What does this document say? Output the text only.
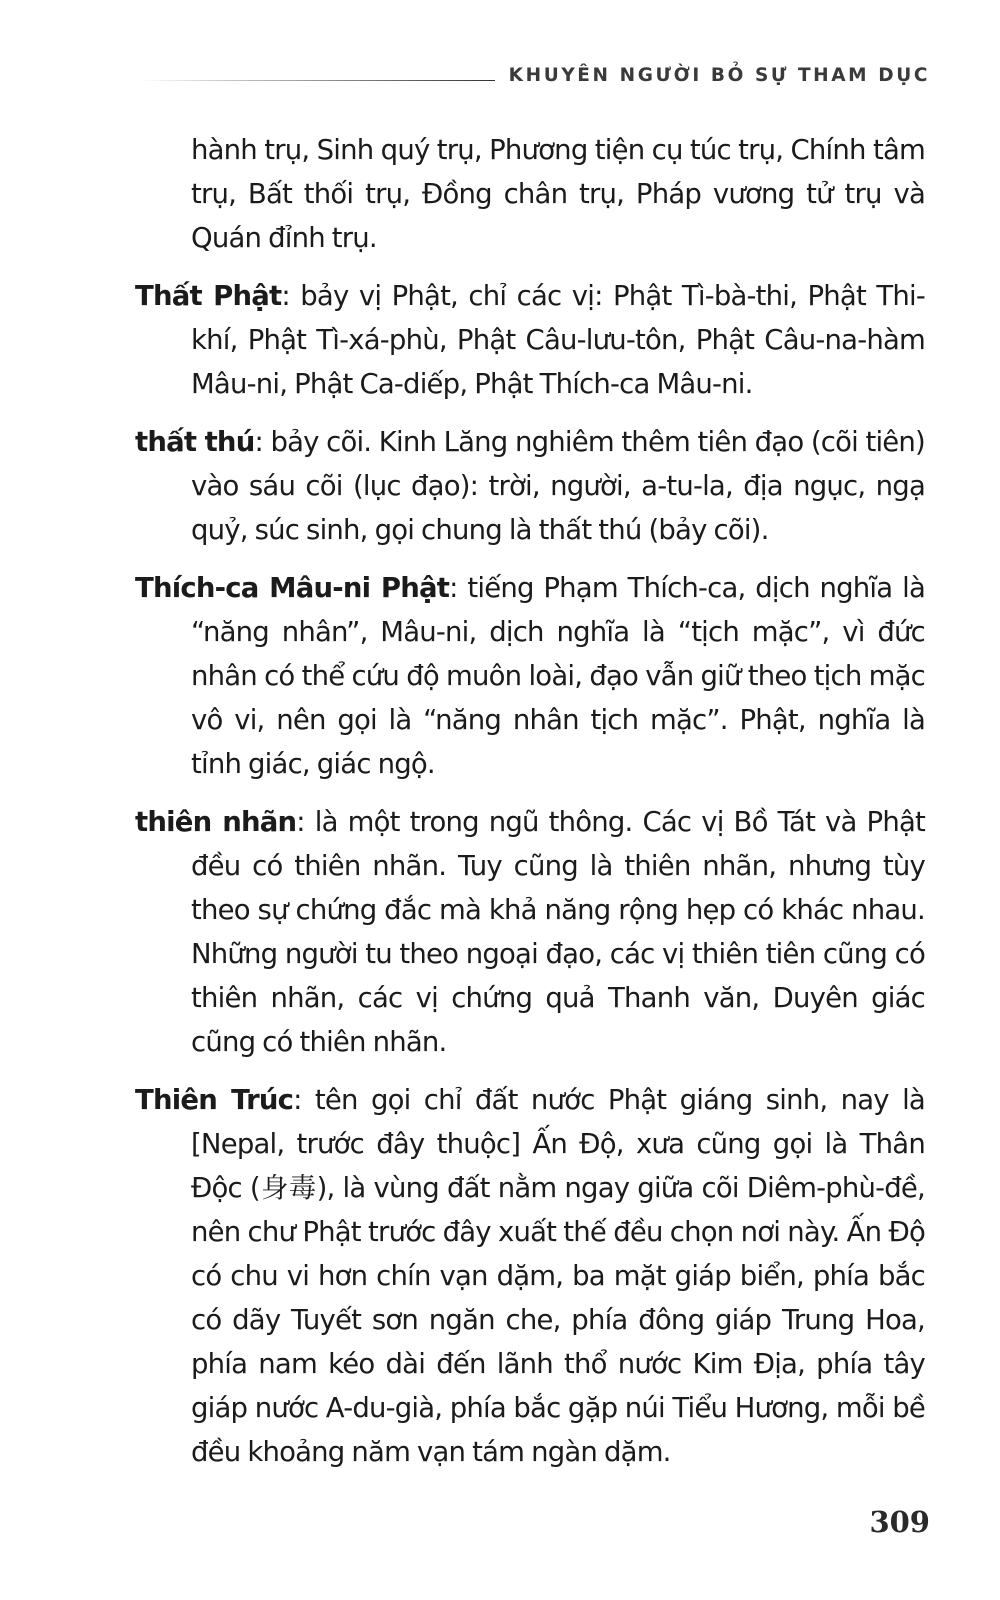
KHUYÊN NGƯỜI BỎ SỰ THAM DỤC

hành trụ, Sinh quý trụ, Phương tiện cụ túc trụ, Chính tâm trụ, Bất thối trụ, Đồng chân trụ, Pháp vương tử trụ và Quán đỉnh trụ.

Thất Phật: bảy vị Phật, chỉ các vị: Phật Tì-bà-thi, Phật Thi-khí, Phật Tì-xá-phù, Phật Câu-lưu-tôn, Phật Câu-na-hàm Mâu-ni, Phật Ca-diếp, Phật Thích-ca Mâu-ni.

thất thú: bảy cõi. Kinh Lăng nghiêm thêm tiên đạo (cõi tiên) vào sáu cõi (lục đạo): trời, người, a-tu-la, địa ngục, ngạ quỷ, súc sinh, gọi chung là thất thú (bảy cõi).

Thích-ca Mâu-ni Phật: tiếng Phạm Thích-ca, dịch nghĩa là “năng nhân”, Mâu-ni, dịch nghĩa là “tịch mặc”, vì đức nhân có thể cứu độ muôn loài, đạo vẫn giữ theo tịch mặc vô vi, nên gọi là “năng nhân tịch mặc”. Phật, nghĩa là tỉnh giác, giác ngộ.

thiên nhãn: là một trong ngũ thông. Các vị Bồ Tát và Phật đều có thiên nhãn. Tuy cũng là thiên nhãn, nhưng tùy theo sự chứng đắc mà khả năng rộng hẹp có khác nhau. Những người tu theo ngoại đạo, các vị thiên tiên cũng có thiên nhãn, các vị chứng quả Thanh văn, Duyên giác cũng có thiên nhãn.

Thiên Trúc: tên gọi chỉ đất nước Phật giáng sinh, nay là [Nepal, trước đây thuộc] Ấn Độ, xưa cũng gọi là Thân Độc (身毒), là vùng đất nằm ngay giữa cõi Diêm-phù-đề, nên chư Phật trước đây xuất thế đều chọn nơi này. Ấn Độ có chu vi hơn chín vạn dặm, ba mặt giáp biển, phía bắc có dãy Tuyết sơn ngăn che, phía đông giáp Trung Hoa, phía nam kéo dài đến lãnh thổ nước Kim Địa, phía tây giáp nước A-du-già, phía bắc gặp núi Tiểu Hương, mỗi bề đều khoảng năm vạn tám ngàn dặm.

309
